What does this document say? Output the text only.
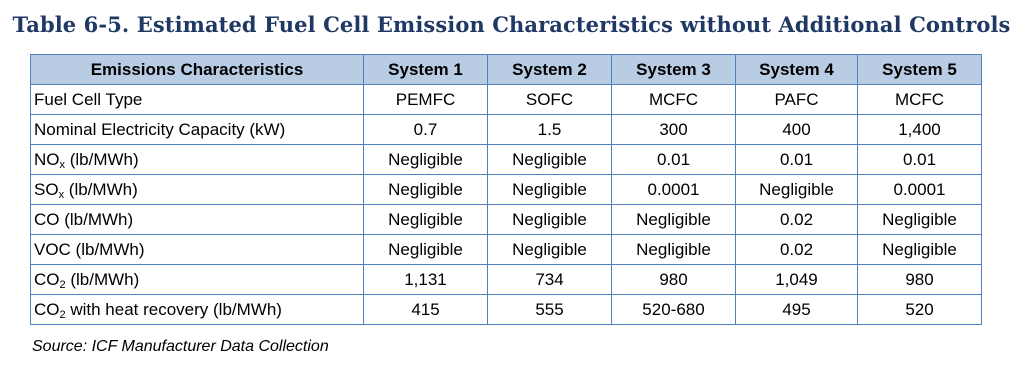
Table 6-5. Estimated Fuel Cell Emission Characteristics without Additional Controls
Emissions Characteristics	System 1	System 2	System 3	System 4	System 5
Fuel Cell Type	PEMFC	SOFC	MCFC	PAFC	MCFC
Nominal Electricity Capacity (kW)	0.7	1.5	300	400	1,400
$NO_x$ (lb/MWh)	Negligible	Negligible	0.01	0.01	0.01
$SO_x$ (lb/MWh)	Negligible	Negligible	0.0001	Negligible	0.0001
CO (lb/MWh)	Negligible	Negligible	Negligible	0.02	Negligible
VOC (lb/MWh)	Negligible	Negligible	Negligible	0.02	Negligible
$CO_2$ (lb/MWh)	1,131	734	980	1,049	980
$CO_2$ with heat recovery (lb/MWh)	415	555	520-680	495	520
Source: ICF Manufacturer Data Collection
